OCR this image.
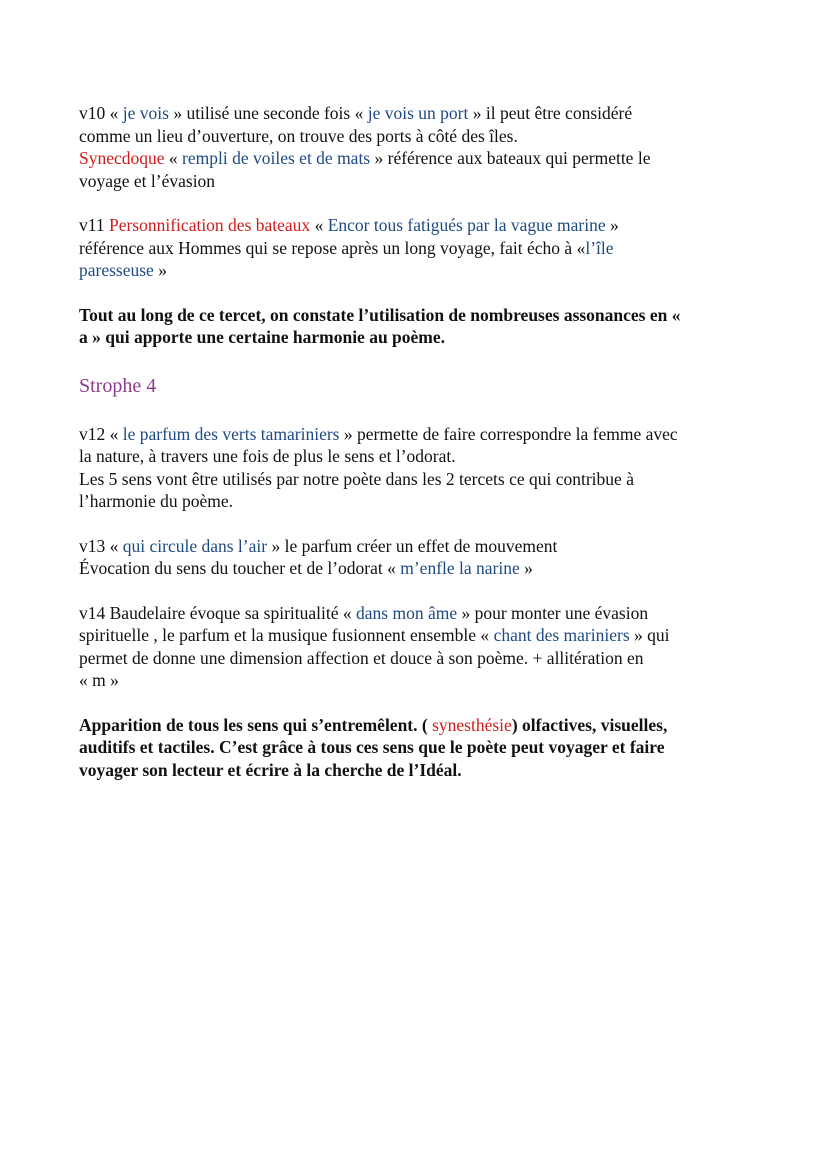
v10 « je vois » utilisé une seconde fois « je vois un port » il peut être considéré
comme un lieu d’ouverture, on trouve des ports à côté des îles.
Synecdoque « rempli de voiles et de mats » référence aux bateaux qui permette le
voyage et l’évasion

v11 Personnification des bateaux « Encor tous fatigués par la vague marine »
référence aux Hommes qui se repose après un long voyage, fait écho à «l’île
paresseuse »

Tout au long de ce tercet, on constate l’utilisation de nombreuses assonances en «
a » qui apporte une certaine harmonie au poème.

Strophe 4

v12 « le parfum des verts tamariniers » permette de faire correspondre la femme avec
la nature, à travers une fois de plus le sens et l’odorat.
Les 5 sens vont être utilisés par notre poète dans les 2 tercets ce qui contribue à
l’harmonie du poème.

v13 « qui circule dans l’air » le parfum créer un effet de mouvement
Évocation du sens du toucher et de l’odorat « m’enfle la narine »

v14 Baudelaire évoque sa spiritualité « dans mon âme » pour monter une évasion
spirituelle , le parfum et la musique fusionnent ensemble « chant des mariniers » qui
permet de donne une dimension affection et douce à son poème. + allitération en
« m »

Apparition de tous les sens qui s’entremêlent. ( synesthésie) olfactives, visuelles,
auditifs et tactiles. C’est grâce à tous ces sens que le poète peut voyager et faire
voyager son lecteur et écrire à la cherche de l’Idéal.
